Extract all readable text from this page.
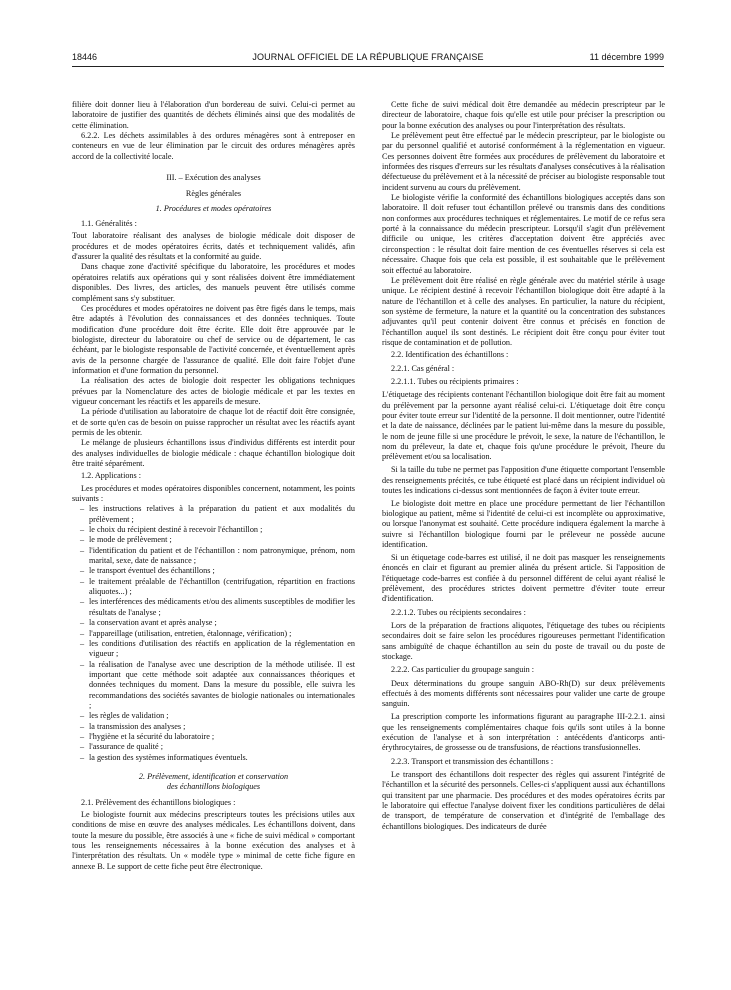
18446	JOURNAL OFFICIEL DE LA RÉPUBLIQUE FRANÇAISE	11 décembre 1999

filière doit donner lieu à l'élaboration d'un bordereau de suivi. Celui-ci permet au laboratoire de justifier des quantités de déchets éliminés ainsi que des modalités de cette élimination.

6.2.2. Les déchets assimilables à des ordures ménagères sont à entreposer en conteneurs en vue de leur élimination par le circuit des ordures ménagères après accord de la collectivité locale.

III. – Exécution des analyses

Règles générales

1. Procédures et modes opératoires

1.1. Généralités :

Tout laboratoire réalisant des analyses de biologie médicale doit disposer de procédures et de modes opératoires écrits, datés et techniquement validés, afin d'assurer la qualité des résultats et la conformité au guide.

Dans chaque zone d'activité spécifique du laboratoire, les procédures et modes opératoires relatifs aux opérations qui y sont réalisées doivent être immédiatement disponibles. Des livres, des articles, des manuels peuvent être utilisés comme complément sans s'y substituer.

Ces procédures et modes opératoires ne doivent pas être figés dans le temps, mais être adaptés à l'évolution des connaissances et des données techniques. Toute modification d'une procédure doit être écrite. Elle doit être approuvée par le biologiste, directeur du laboratoire ou chef de service ou de département, le cas échéant, par le biologiste responsable de l'activité concernée, et éventuellement après avis de la personne chargée de l'assurance de qualité. Elle doit faire l'objet d'une information et d'une formation du personnel.

La réalisation des actes de biologie doit respecter les obligations techniques prévues par la Nomenclature des actes de biologie médicale et par les textes en vigueur concernant les réactifs et les appareils de mesure.

La période d'utilisation au laboratoire de chaque lot de réactif doit être consignée, et de sorte qu'en cas de besoin on puisse rapprocher un résultat avec les réactifs ayant permis de les obtenir.

Le mélange de plusieurs échantillons issus d'individus différents est interdit pour des analyses individuelles de biologie médicale : chaque échantillon biologique doit être traité séparément.

1.2. Applications :

Les procédures et modes opératoires disponibles concernent, notamment, les points suivants :

– les instructions relatives à la préparation du patient et aux modalités du prélèvement ;
– le choix du récipient destiné à recevoir l'échantillon ;
– le mode de prélèvement ;
– l'identification du patient et de l'échantillon : nom patronymique, prénom, nom marital, sexe, date de naissance ;
– le transport éventuel des échantillons ;
– le traitement préalable de l'échantillon (centrifugation, répartition en fractions aliquotes...) ;
– les interférences des médicaments et/ou des aliments susceptibles de modifier les résultats de l'analyse ;
– la conservation avant et après analyse ;
– l'appareillage (utilisation, entretien, étalonnage, vérification) ;
– les conditions d'utilisation des réactifs en application de la réglementation en vigueur ;
– la réalisation de l'analyse avec une description de la méthode utilisée. Il est important que cette méthode soit adaptée aux connaissances théoriques et données techniques du moment. Dans la mesure du possible, elle suivra les recommandations des sociétés savantes de biologie nationales ou internationales ;
– les règles de validation ;
– la transmission des analyses ;
– l'hygiène et la sécurité du laboratoire ;
– l'assurance de qualité ;
– la gestion des systèmes informatiques éventuels.

2. Prélèvement, identification et conservation

des échantillons biologiques

2.1. Prélèvement des échantillons biologiques :

Le biologiste fournit aux médecins prescripteurs toutes les précisions utiles aux conditions de mise en œuvre des analyses médicales. Les échantillons doivent, dans toute la mesure du possible, être associés à une « fiche de suivi médical » comportant tous les renseignements nécessaires à la bonne exécution des analyses et à l'interprétation des résultats. Un « modèle type » minimal de cette fiche figure en annexe B. Le support de cette fiche peut être électronique.

Cette fiche de suivi médical doit être demandée au médecin prescripteur par le directeur de laboratoire, chaque fois qu'elle est utile pour préciser la prescription ou pour la bonne exécution des analyses ou pour l'interprétation des résultats.

Le prélèvement peut être effectué par le médecin prescripteur, par le biologiste ou par du personnel qualifié et autorisé conformément à la réglementation en vigueur. Ces personnes doivent être formées aux procédures de prélèvement du laboratoire et informées des risques d'erreurs sur les résultats d'analyses consécutives à la réalisation défectueuse du prélèvement et à la nécessité de préciser au biologiste responsable tout incident survenu au cours du prélèvement.

Le biologiste vérifie la conformité des échantillons biologiques acceptés dans son laboratoire. Il doit refuser tout échantillon prélevé ou transmis dans des conditions non conformes aux procédures techniques et réglementaires. Le motif de ce refus sera porté à la connaissance du médecin prescripteur. Lorsqu'il s'agit d'un prélèvement difficile ou unique, les critères d'acceptation doivent être appréciés avec circonspection : le résultat doit faire mention de ces éventuelles réserves si cela est nécessaire. Chaque fois que cela est possible, il est souhaitable que le prélèvement soit effectué au laboratoire.

Le prélèvement doit être réalisé en règle générale avec du matériel stérile à usage unique. Le récipient destiné à recevoir l'échantillon biologique doit être adapté à la nature de l'échantillon et à celle des analyses. En particulier, la nature du récipient, son système de fermeture, la nature et la quantité ou la concentration des substances adjuvantes qu'il peut contenir doivent être connus et précisés en fonction de l'échantillon auquel ils sont destinés. Le récipient doit être conçu pour éviter tout risque de contamination et de pollution.

2.2. Identification des échantillons :

2.2.1. Cas général :

2.2.1.1. Tubes ou récipients primaires :

L'étiquetage des récipients contenant l'échantillon biologique doit être fait au moment du prélèvement par la personne ayant réalisé celui-ci. L'étiquetage doit être conçu pour éviter toute erreur sur l'identité de la personne. Il doit mentionner, outre l'identité et la date de naissance, déclinées par le patient lui-même dans la mesure du possible, le nom de jeune fille si une procédure le prévoit, le sexe, la nature de l'échantillon, le nom du préleveur, la date et, chaque fois qu'une procédure le prévoit, l'heure du prélèvement et/ou sa localisation.

Si la taille du tube ne permet pas l'apposition d'une étiquette comportant l'ensemble des renseignements précités, ce tube étiqueté est placé dans un récipient individuel où toutes les indications ci-dessus sont mentionnées de façon à éviter toute erreur.

Le biologiste doit mettre en place une procédure permettant de lier l'échantillon biologique au patient, même si l'identité de celui-ci est incomplète ou approximative, ou lorsque l'anonymat est souhaité. Cette procédure indiquera également la marche à suivre si l'échantillon biologique fourni par le préleveur ne possède aucune identification.

Si un étiquetage code-barres est utilisé, il ne doit pas masquer les renseignements énoncés en clair et figurant au premier alinéa du présent article. Si l'apposition de l'étiquetage code-barres est confiée à du personnel différent de celui ayant réalisé le prélèvement, des procédures strictes doivent permettre d'éviter toute erreur d'identification.

2.2.1.2. Tubes ou récipients secondaires :

Lors de la préparation de fractions aliquotes, l'étiquetage des tubes ou récipients secondaires doit se faire selon les procédures rigoureuses permettant l'identification sans ambiguïté de chaque échantillon au sein du poste de travail ou du poste de stockage.

2.2.2. Cas particulier du groupage sanguin :

Deux déterminations du groupe sanguin ABO-Rh(D) sur deux prélèvements effectués à des moments différents sont nécessaires pour valider une carte de groupe sanguin.

La prescription comporte les informations figurant au paragraphe III-2.2.1. ainsi que les renseignements complémentaires chaque fois qu'ils sont utiles à la bonne exécution de l'analyse et à son interprétation : antécédents d'anticorps anti-érythrocytaires, de grossesse ou de transfusions, de réactions transfusionnelles.

2.2.3. Transport et transmission des échantillons :

Le transport des échantillons doit respecter des règles qui assurent l'intégrité de l'échantillon et la sécurité des personnels. Celles-ci s'appliquent aussi aux échantillons qui transitent par une pharmacie. Des procédures et des modes opératoires écrits par le laboratoire qui effectue l'analyse doivent fixer les conditions particulières de délai de transport, de température de conservation et d'intégrité de l'emballage des échantillons biologiques. Des indicateurs de durée
